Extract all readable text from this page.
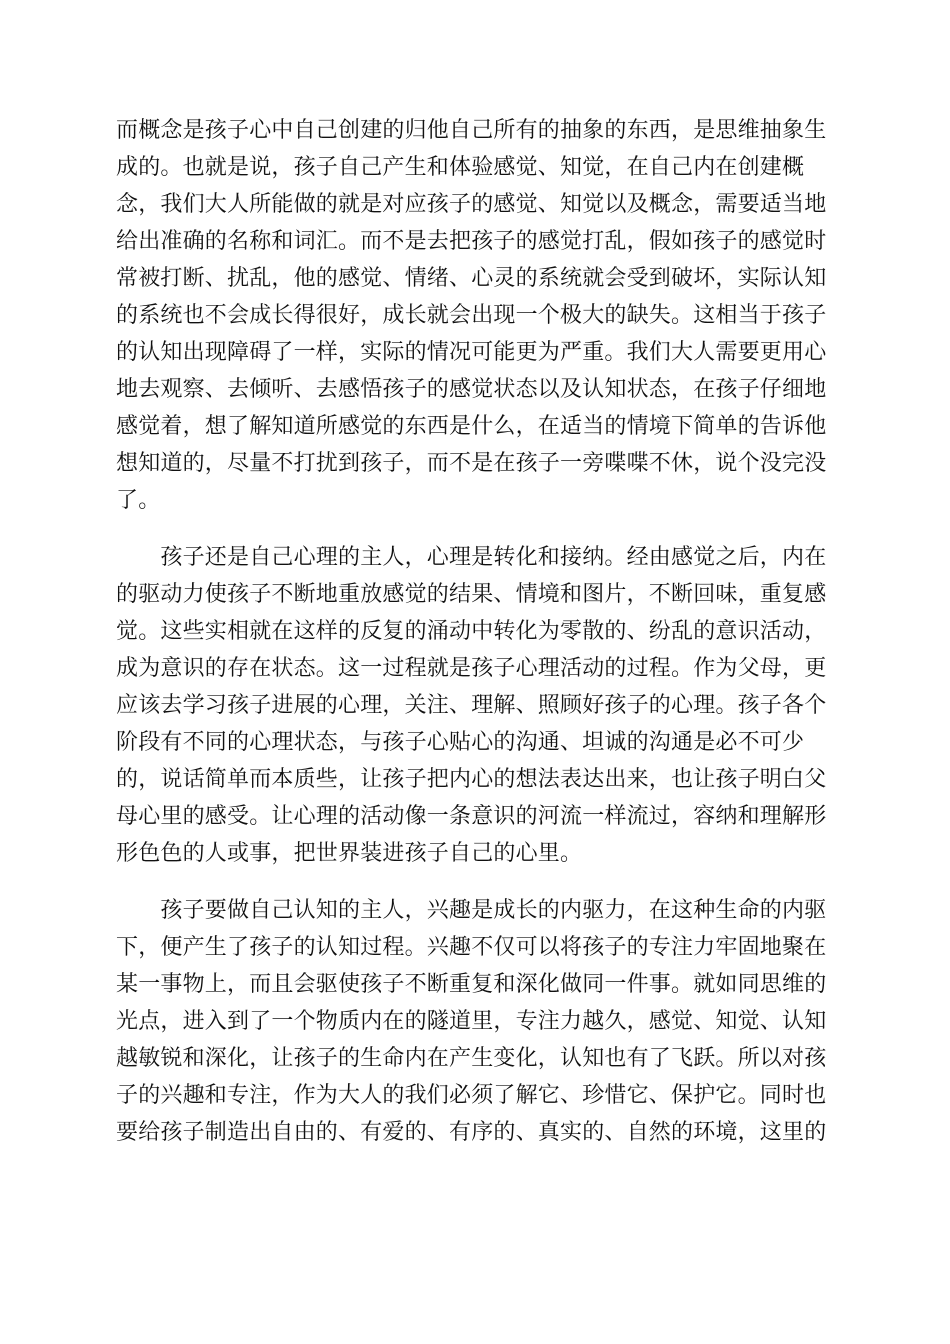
而概念是孩子心中自己创建的归他自己所有的抽象的东西，是思维抽象生
成的。也就是说，孩子自己产生和体验感觉、知觉，在自己内在创建概
念，我们大人所能做的就是对应孩子的感觉、知觉以及概念，需要适当地
给出准确的名称和词汇。而不是去把孩子的感觉打乱，假如孩子的感觉时
常被打断、扰乱，他的感觉、情绪、心灵的系统就会受到破坏，实际认知
的系统也不会成长得很好，成长就会出现一个极大的缺失。这相当于孩子
的认知出现障碍了一样，实际的情况可能更为严重。我们大人需要更用心
地去观察、去倾听、去感悟孩子的感觉状态以及认知状态，在孩子仔细地
感觉着，想了解知道所感觉的东西是什么，在适当的情境下简单的告诉他
想知道的，尽量不打扰到孩子，而不是在孩子一旁喋喋不休，说个没完没
了。
　　孩子还是自己心理的主人，心理是转化和接纳。经由感觉之后，内在
的驱动力使孩子不断地重放感觉的结果、情境和图片，不断回味，重复感
觉。这些实相就在这样的反复的涌动中转化为零散的、纷乱的意识活动，
成为意识的存在状态。这一过程就是孩子心理活动的过程。作为父母，更
应该去学习孩子进展的心理，关注、理解、照顾好孩子的心理。孩子各个
阶段有不同的心理状态，与孩子心贴心的沟通、坦诚的沟通是必不可少
的，说话简单而本质些，让孩子把内心的想法表达出来，也让孩子明白父
母心里的感受。让心理的活动像一条意识的河流一样流过，容纳和理解形
形色色的人或事，把世界装进孩子自己的心里。
　　孩子要做自己认知的主人，兴趣是成长的内驱力，在这种生命的内驱
下，便产生了孩子的认知过程。兴趣不仅可以将孩子的专注力牢固地聚在
某一事物上，而且会驱使孩子不断重复和深化做同一件事。就如同思维的
光点，进入到了一个物质内在的隧道里，专注力越久，感觉、知觉、认知
越敏锐和深化，让孩子的生命内在产生变化，认知也有了飞跃。所以对孩
子的兴趣和专注，作为大人的我们必须了解它、珍惜它、保护它。同时也
要给孩子制造出自由的、有爱的、有序的、真实的、自然的环境，这里的
